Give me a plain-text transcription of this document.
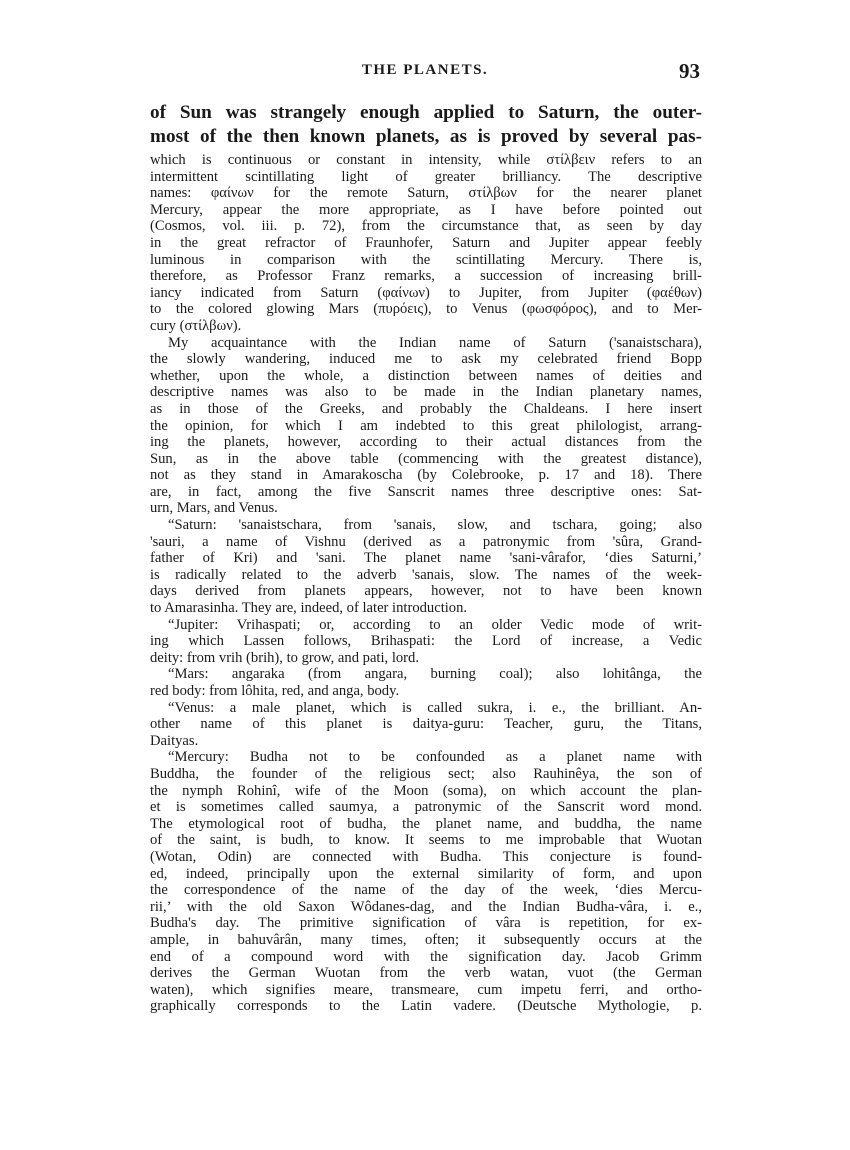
THE PLANETS.	93
of Sun was strangely enough applied to Saturn, the outer-
most of the then known planets, as is proved by several pas-
which is continuous or constant in intensity, while στίλβειν refers to an
intermittent scintillating light of greater brilliancy. The descriptive
names: φαίνων for the remote Saturn, στίλβων for the nearer planet
Mercury, appear the more appropriate, as I have before pointed out
(Cosmos, vol. iii. p. 72), from the circumstance that, as seen by day
in the great refractor of Fraunhofer, Saturn and Jupiter appear feebly
luminous in comparison with the scintillating Mercury. There is,
therefore, as Professor Franz remarks, a succession of increasing brill-
iancy indicated from Saturn (φαίνων) to Jupiter, from Jupiter (φαέθων)
to the colored glowing Mars (πυρόεις), to Venus (φωσφόρος), and to Mer-
cury (στίλβων).
My acquaintance with the Indian name of Saturn ('sanaistschara),
the slowly wandering, induced me to ask my celebrated friend Bopp
whether, upon the whole, a distinction between names of deities and
descriptive names was also to be made in the Indian planetary names,
as in those of the Greeks, and probably the Chaldeans. I here insert
the opinion, for which I am indebted to this great philologist, arrang-
ing the planets, however, according to their actual distances from the
Sun, as in the above table (commencing with the greatest distance),
not as they stand in Amarakoscha (by Colebrooke, p. 17 and 18). There
are, in fact, among the five Sanscrit names three descriptive ones: Sat-
urn, Mars, and Venus.
“Saturn: 'sanaistschara, from 'sanais, slow, and tschara, going; also
'sauri, a name of Vishnu (derived as a patronymic from 'sûra, Grand-
father of Kri) and 'sani. The planet name 'sani-vârafor, ‘dies Saturni,’
is radically related to the adverb 'sanais, slow. The names of the week-
days derived from planets appears, however, not to have been known
to Amarasinha. They are, indeed, of later introduction.
“Jupiter: Vrihaspati; or, according to an older Vedic mode of writ-
ing which Lassen follows, Brihaspati: the Lord of increase, a Vedic
deity: from vrih (brih), to grow, and pati, lord.
“Mars: angaraka (from angara, burning coal); also lohitânga, the
red body: from lôhita, red, and anga, body.
“Venus: a male planet, which is called sukra, i. e., the brilliant. An-
other name of this planet is daitya-guru: Teacher, guru, the Titans,
Daityas.
“Mercury: Budha not to be confounded as a planet name with
Buddha, the founder of the religious sect; also Rauhinêya, the son of
the nymph Rohinî, wife of the Moon (soma), on which account the plan-
et is sometimes called saumya, a patronymic of the Sanscrit word mond.
The etymological root of budha, the planet name, and buddha, the name
of the saint, is budh, to know. It seems to me improbable that Wuotan
(Wotan, Odin) are connected with Budha. This conjecture is found-
ed, indeed, principally upon the external similarity of form, and upon
the correspondence of the name of the day of the week, ‘dies Mercu-
rii,’ with the old Saxon Wôdanes-dag, and the Indian Budha-vâra, i. e.,
Budha's day. The primitive signification of vâra is repetition, for ex-
ample, in bahuvârân, many times, often; it subsequently occurs at the
end of a compound word with the signification day. Jacob Grimm
derives the German Wuotan from the verb watan, vuot (the German
waten), which signifies meare, transmeare, cum impetu ferri, and ortho-
graphically corresponds to the Latin vadere. (Deutsche Mythologie, p.
